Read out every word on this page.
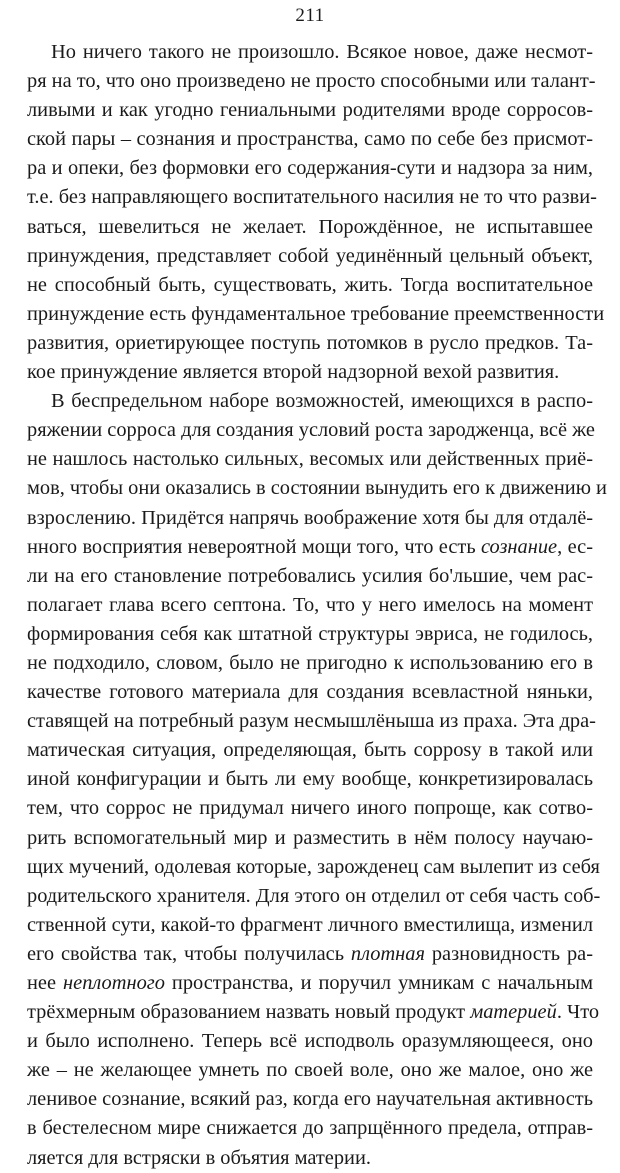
211

Но ничего такого не произошло. Всякое новое, даже несмот-
ря на то, что оно произведено не просто способными или талант-
ливыми и как угодно гениальными родителями вроде сорросов-
ской пары – сознания и пространства, само по себе без присмот-
ра и опеки, без формовки его содержания-сути и надзора за ним,
т.е. без направляющего воспитательного насилия не то что разви-
ваться, шевелиться не желает. Порождённое, не испытавшее
принуждения, представляет собой уединённый цельный объект,
не способный быть, существовать, жить. Тогда воспитательное
принуждение есть фундаментальное требование преемственности
развития, ориетирующее поступь потомков в русло предков. Та-
кое принуждение является второй надзорной вехой развития.

В беспредельном наборе возможностей, имеющихся в распо-
ряжении сорроса для создания условий роста зародженца, всё же
не нашлось настолько сильных, весомых или действенных приё-
мов, чтобы они оказались в состоянии вынудить его к движению и
взрослению. Придётся напрячь воображение хотя бы для отдалё-
нного восприятия невероятной мощи того, что есть сознание, ес-
ли на его становление потребовались усилия бо'льшие, чем рас-
полагает глава всего септона. То, что у него имелось на момент
формирования себя как штатной структуры эвриса, не годилось,
не подходило, словом, было не пригодно к использованию его в
качестве готового материала для создания всевластной няньки,
ставящей на потребный разум несмышлёныша из праха. Эта дра-
матическая ситуация, определяющая, быть соррosу в такой или
иной конфигурации и быть ли ему вообще, конкретизировалась
тем, что соррос не придумал ничего иного попроще, как сотво-
рить вспомогательный мир и разместить в нём полосу научаю-
щих мучений, одолевая которые, зарожденец сам вылепит из себя
родительского хранителя. Для этого он отделил от себя часть соб-
ственной сути, какой-то фрагмент личного вместилища, изменил
его свойства так, чтобы получилась плотная разновидность ра-
нее неплотного пространства, и поручил умникам с начальным
трёхмерным образованием назвать новый продукт материей. Что
и было исполнено. Теперь всё исподволь оразумляющееся, оно
же – не желающее умнеть по своей воле, оно же малое, оно же
ленивое сознание, всякий раз, когда его научательная активность
в бестелесном мире снижается до запрщённого предела, отправ-
ляется для встряски в объятия материи.
